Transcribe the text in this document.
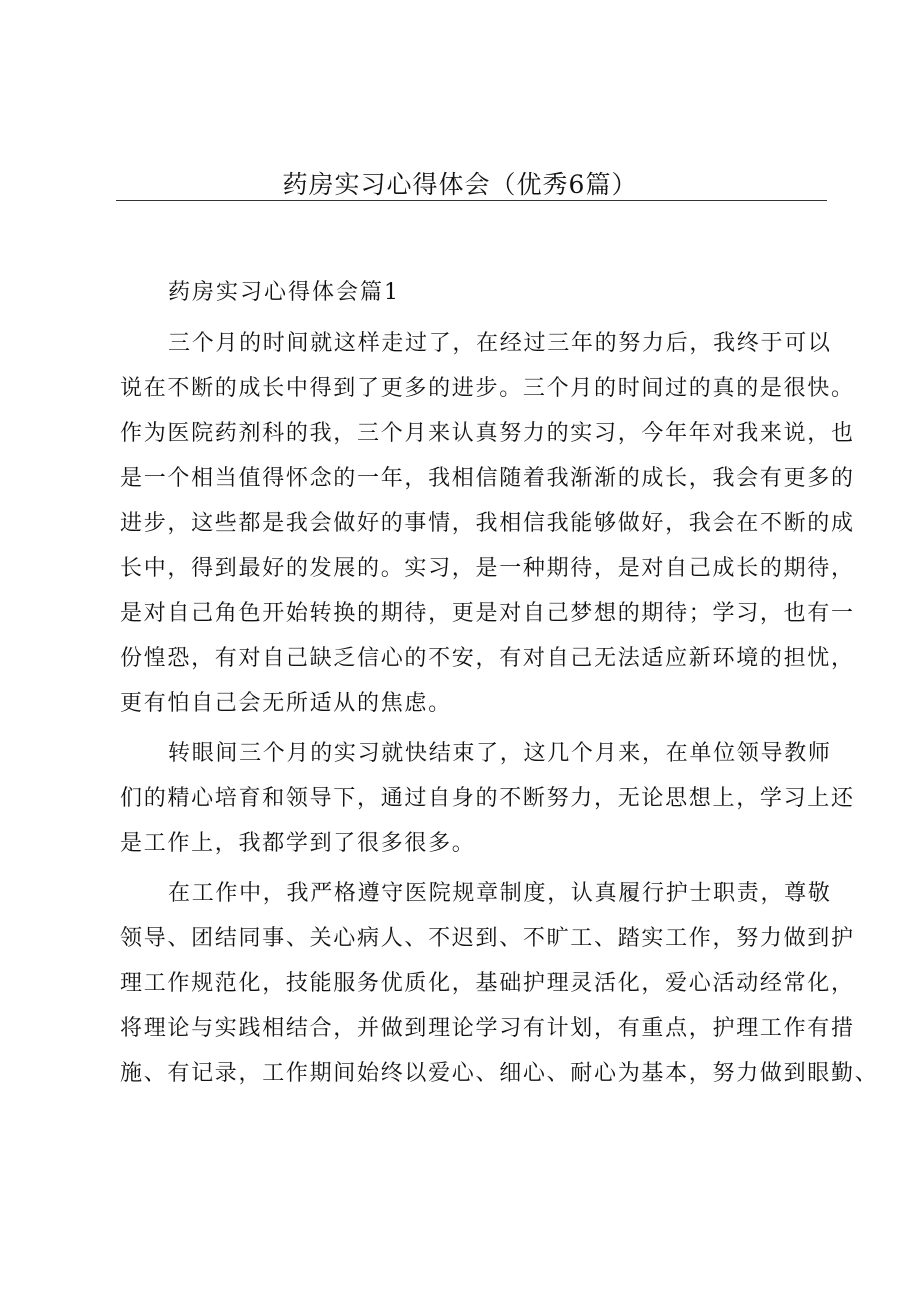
药房实习心得体会（优秀6篇）
药房实习心得体会篇1
三个月的时间就这样走过了，在经过三年的努力后，我终于可以
说在不断的成长中得到了更多的进步。三个月的时间过的真的是很快。
作为医院药剂科的我，三个月来认真努力的实习，今年年对我来说，也
是一个相当值得怀念的一年，我相信随着我渐渐的成长，我会有更多的
进步，这些都是我会做好的事情，我相信我能够做好，我会在不断的成
长中，得到最好的发展的。实习，是一种期待，是对自己成长的期待，
是对自己角色开始转换的期待，更是对自己梦想的期待；学习，也有一
份惶恐，有对自己缺乏信心的不安，有对自己无法适应新环境的担忧，
更有怕自己会无所适从的焦虑。
转眼间三个月的实习就快结束了，这几个月来，在单位领导教师
们的精心培育和领导下，通过自身的不断努力，无论思想上，学习上还
是工作上，我都学到了很多很多。
在工作中，我严格遵守医院规章制度，认真履行护士职责，尊敬
领导、团结同事、关心病人、不迟到、不旷工、踏实工作，努力做到护
理工作规范化，技能服务优质化，基础护理灵活化，爱心活动经常化，
将理论与实践相结合，并做到理论学习有计划，有重点，护理工作有措
施、有记录，工作期间始终以爱心、细心、耐心为基本，努力做到眼勤、
